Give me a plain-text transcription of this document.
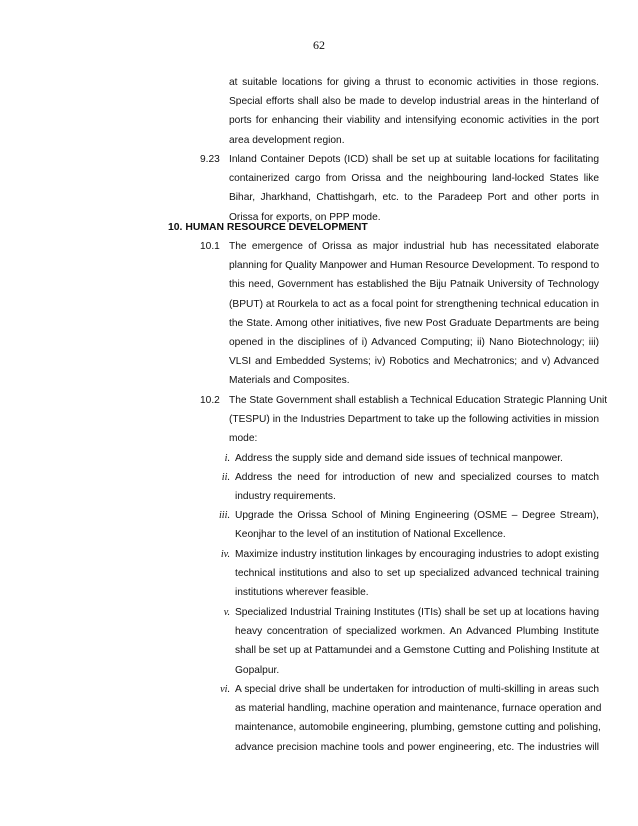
62
at suitable locations for giving a thrust to economic activities in those regions.
Special efforts shall also be made to develop industrial areas in the hinterland of
ports for enhancing their viability and intensifying economic activities in the port
area development region.
9.23 Inland Container Depots (ICD) shall be set up at suitable locations for facilitating
containerized cargo from Orissa and the neighbouring land-locked States like
Bihar, Jharkhand, Chattishgarh, etc. to the Paradeep Port and other ports in
Orissa for exports, on PPP mode.
10. HUMAN RESOURCE DEVELOPMENT
10.1 The emergence of Orissa as major industrial hub has necessitated elaborate
planning for Quality Manpower and Human Resource Development. To respond to
this need, Government has established the Biju Patnaik University of Technology
(BPUT) at Rourkela to act as a focal point for strengthening technical education in
the State. Among other initiatives, five new Post Graduate Departments are being
opened in the disciplines of i) Advanced Computing; ii) Nano Biotechnology; iii)
VLSI and Embedded Systems; iv) Robotics and Mechatronics; and v) Advanced
Materials and Composites.
10.2 The State Government shall establish a Technical Education Strategic Planning Unit
(TESPU) in the Industries Department to take up the following activities in mission
mode:
i. Address the supply side and demand side issues of technical manpower.
ii. Address the need for introduction of new and specialized courses to match
industry requirements.
iii. Upgrade the Orissa School of Mining Engineering (OSME – Degree Stream),
Keonjhar to the level of an institution of National Excellence.
iv. Maximize industry institution linkages by encouraging industries to adopt existing
technical institutions and also to set up specialized advanced technical training
institutions wherever feasible.
v. Specialized Industrial Training Institutes (ITIs) shall be set up at locations having
heavy concentration of specialized workmen. An Advanced Plumbing Institute
shall be set up at Pattamundei and a Gemstone Cutting and Polishing Institute at
Gopalpur.
vi. A special drive shall be undertaken for introduction of multi-skilling in areas such
as material handling, machine operation and maintenance, furnace operation and
maintenance, automobile engineering, plumbing, gemstone cutting and polishing,
advance precision machine tools and power engineering, etc. The industries will
